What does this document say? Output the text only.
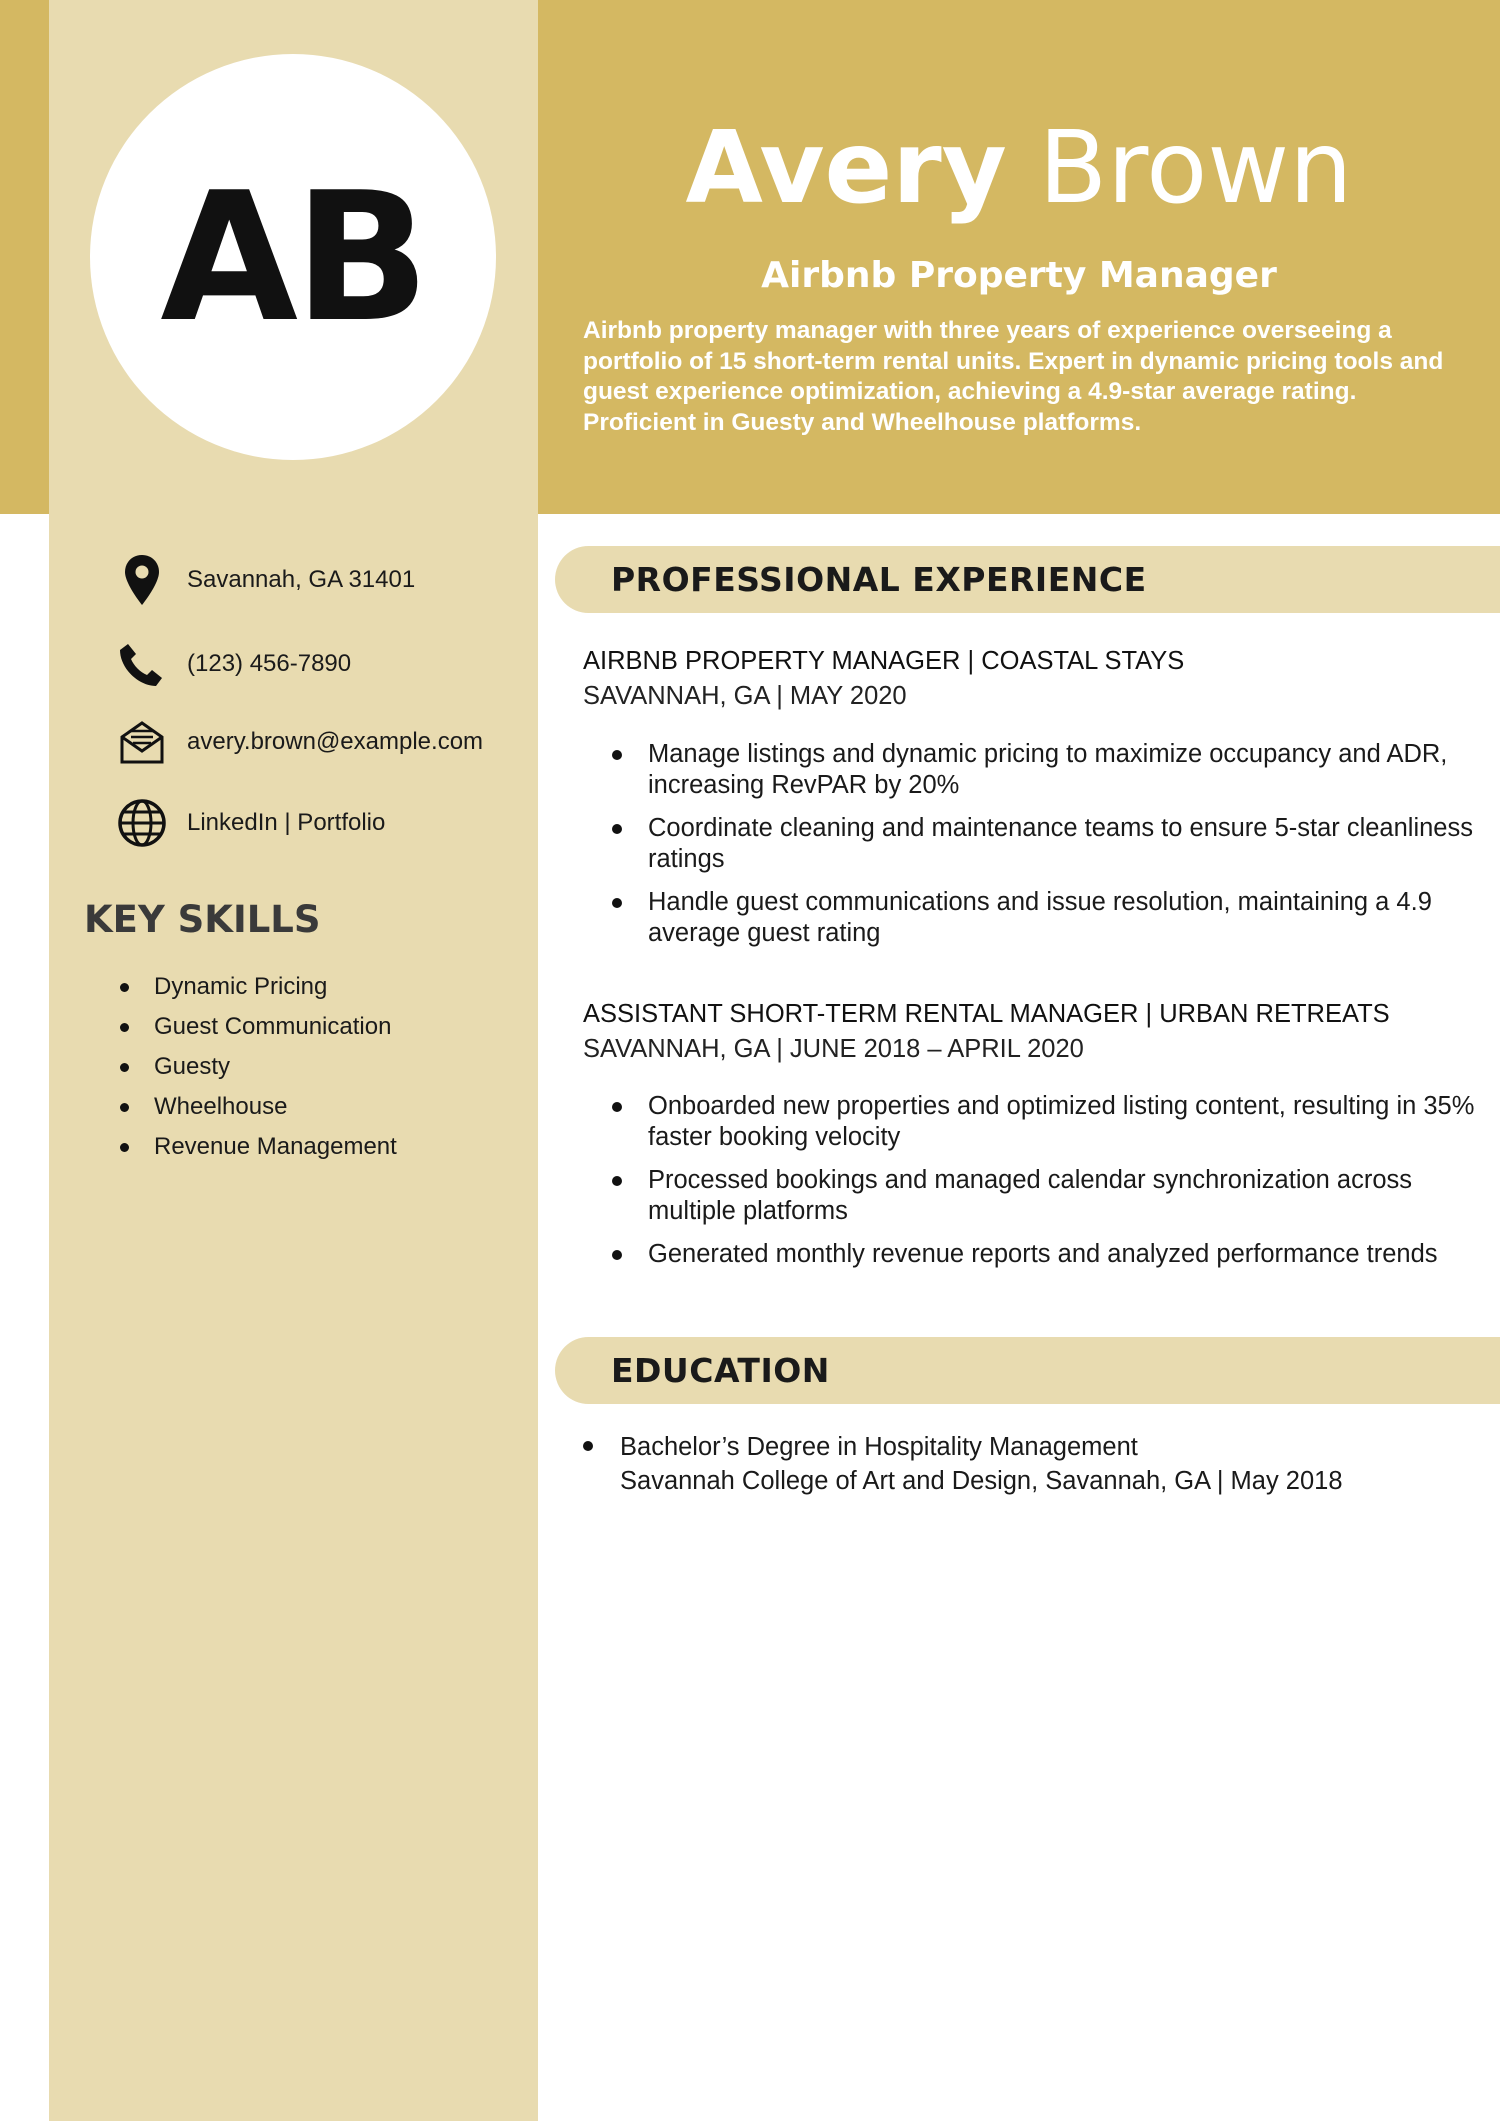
AB	Avery Brown
Airbnb Property Manager
Airbnb property manager with three years of experience overseeing a portfolio of 15 short-term rental units. Expert in dynamic pricing tools and guest experience optimization, achieving a 4.9-star average rating. Proficient in Guesty and Wheelhouse platforms.
Savannah, GA 31401
(123) 456-7890
avery.brown@example.com
LinkedIn | Portfolio
KEY SKILLS
Dynamic Pricing
Guest Communication
Guesty
Wheelhouse
Revenue Management
PROFESSIONAL EXPERIENCE
AIRBNB PROPERTY MANAGER | COASTAL STAYS
SAVANNAH, GA | MAY 2020
Manage listings and dynamic pricing to maximize occupancy and ADR, increasing RevPAR by 20%
Coordinate cleaning and maintenance teams to ensure 5-star cleanliness ratings
Handle guest communications and issue resolution, maintaining a 4.9 average guest rating
ASSISTANT SHORT-TERM RENTAL MANAGER | URBAN RETREATS
SAVANNAH, GA | JUNE 2018 – APRIL 2020
Onboarded new properties and optimized listing content, resulting in 35% faster booking velocity
Processed bookings and managed calendar synchronization across multiple platforms
Generated monthly revenue reports and analyzed performance trends
EDUCATION
Bachelor’s Degree in Hospitality Management
Savannah College of Art and Design, Savannah, GA | May 2018
